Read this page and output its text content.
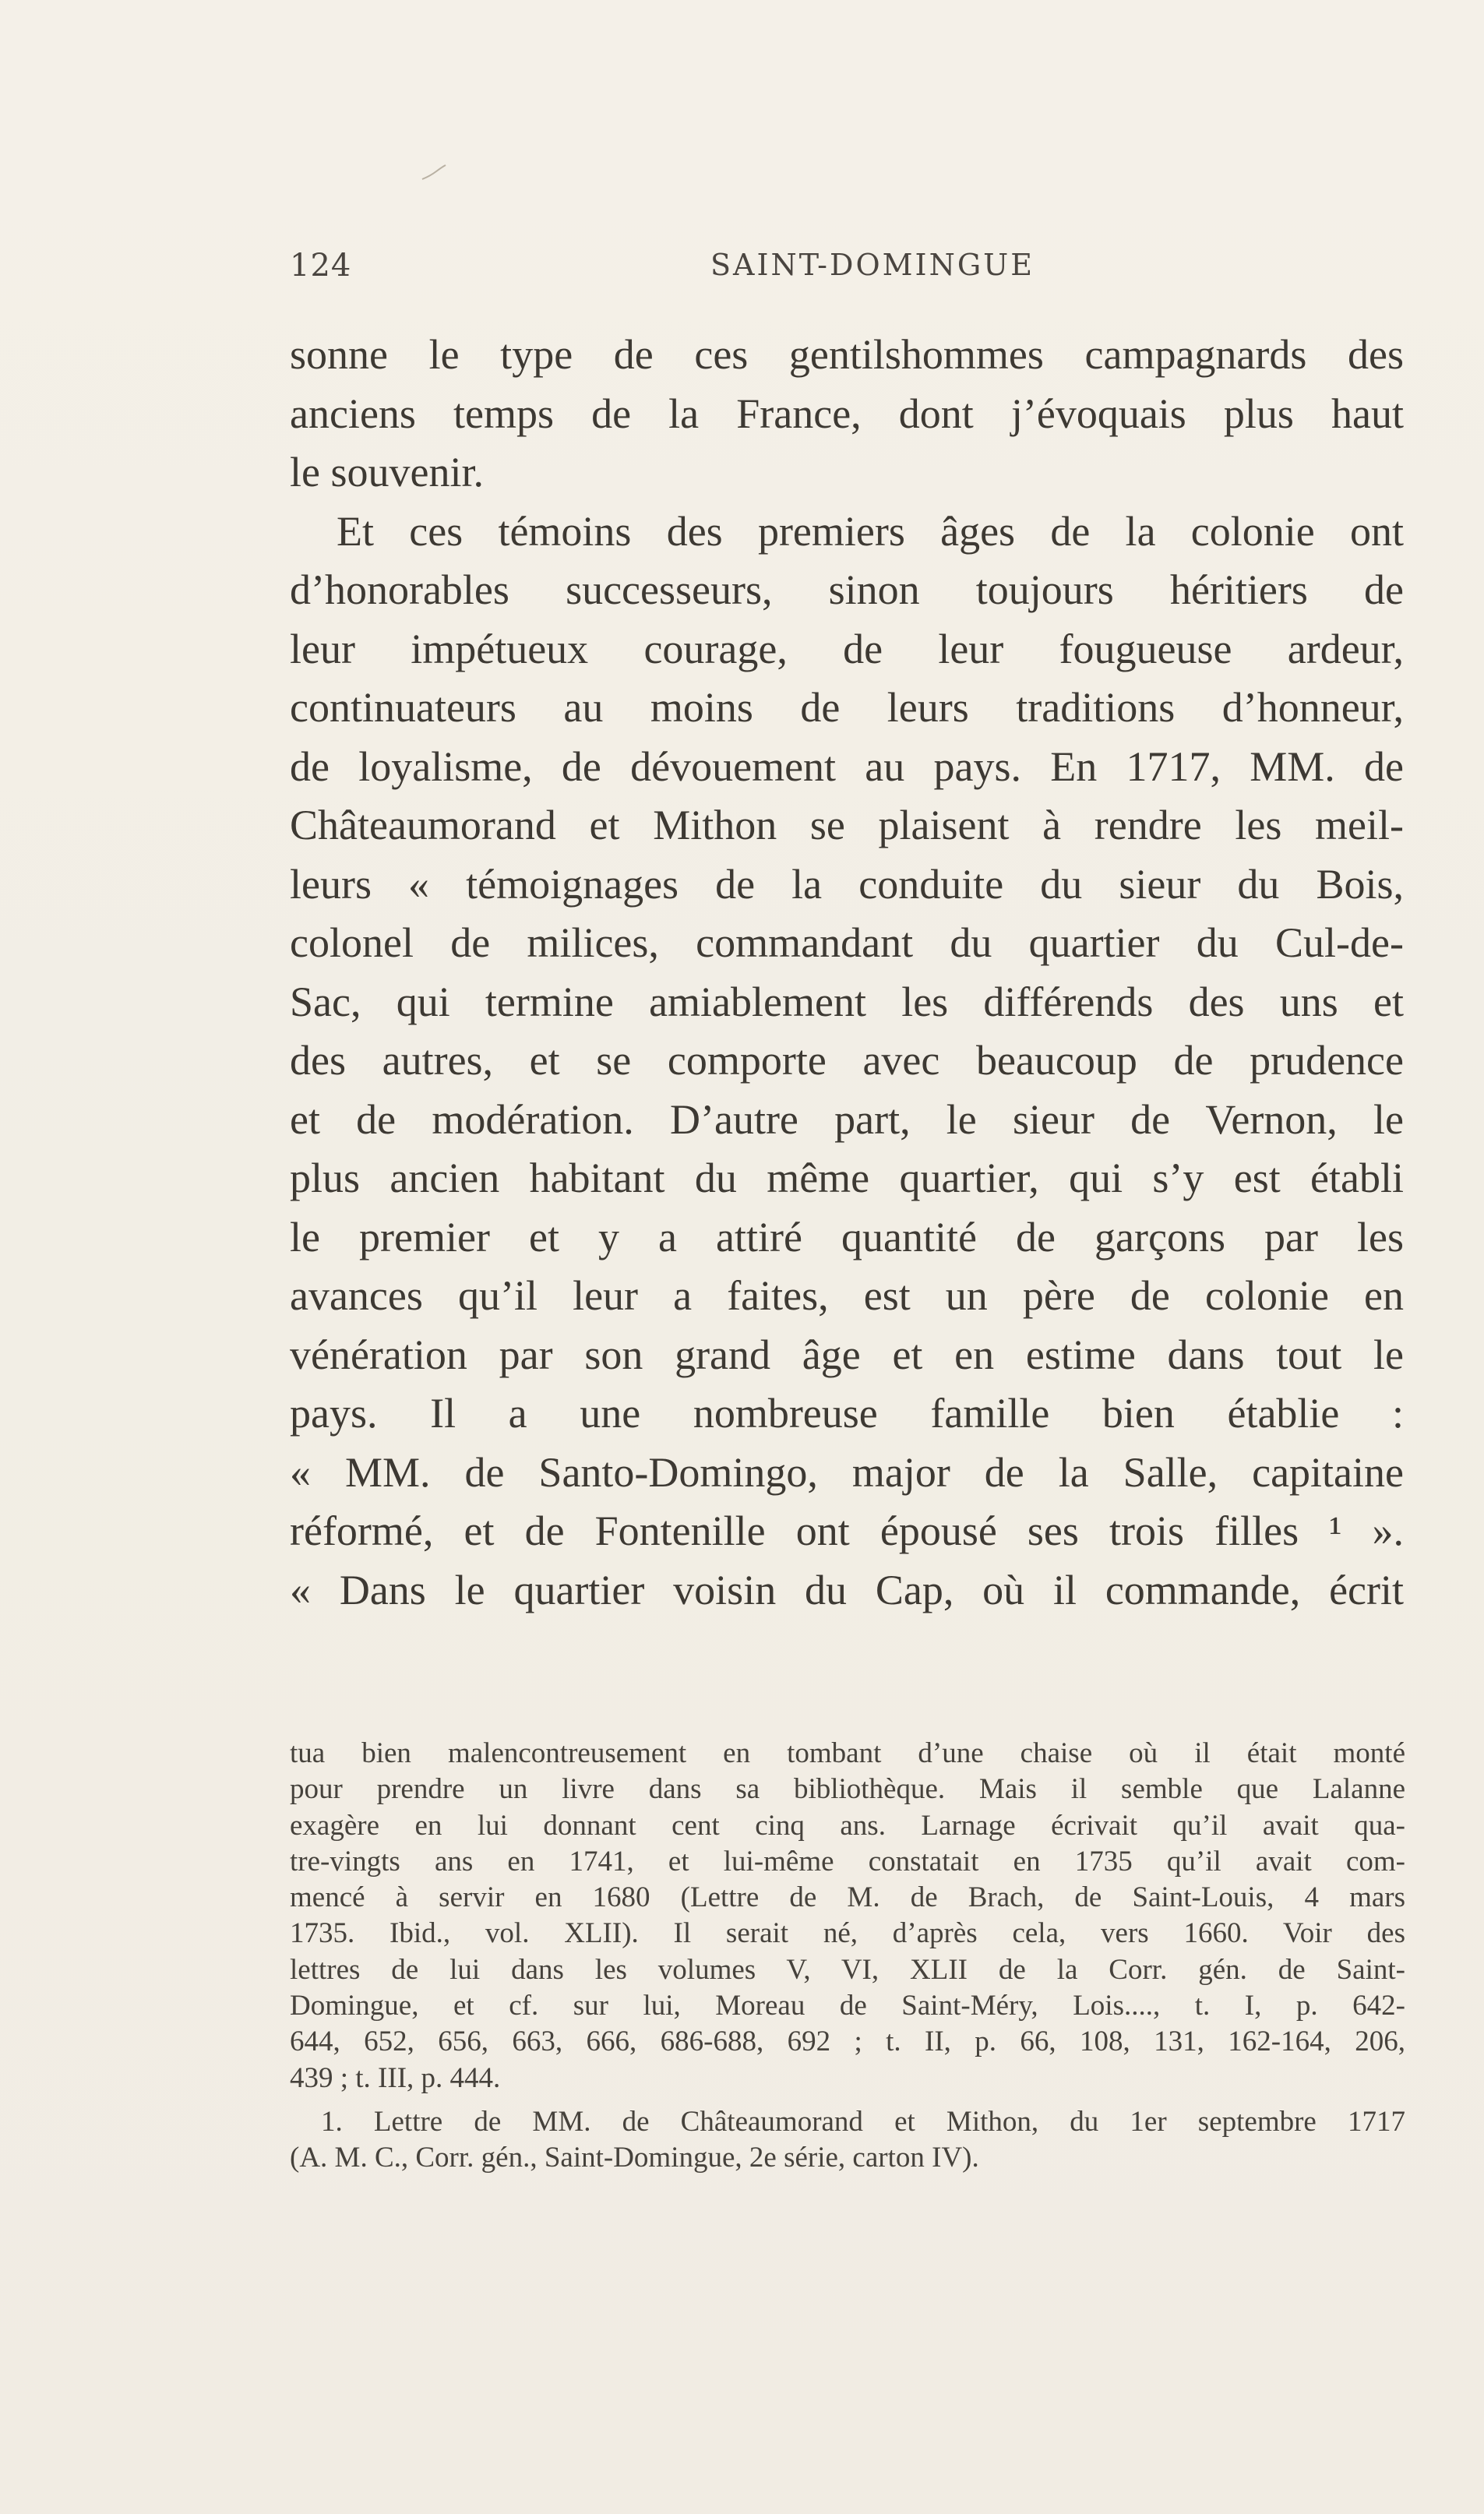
124	SAINT-DOMINGUE
sonne le type de ces gentilshommes campagnards des
anciens temps de la France, dont j’évoquais plus haut
le souvenir.
Et ces témoins des premiers âges de la colonie ont
d’honorables successeurs, sinon toujours héritiers de
leur impétueux courage, de leur fougueuse ardeur,
continuateurs au moins de leurs traditions d’honneur,
de loyalisme, de dévouement au pays. En 1717, MM. de
Châteaumorand et Mithon se plaisent à rendre les meil-
leurs « témoignages de la conduite du sieur du Bois,
colonel de milices, commandant du quartier du Cul-de-
Sac, qui termine amiablement les différends des uns et
des autres, et se comporte avec beaucoup de prudence
et de modération. D’autre part, le sieur de Vernon, le
plus ancien habitant du même quartier, qui s’y est établi
le premier et y a attiré quantité de garçons par les
avances qu’il leur a faites, est un père de colonie en
vénération par son grand âge et en estime dans tout le
pays. Il a une nombreuse famille bien établie :
« MM. de Santo-Domingo, major de la Salle, capitaine
réformé, et de Fontenille ont épousé ses trois filles ¹ ».
« Dans le quartier voisin du Cap, où il commande, écrit
tua bien malencontreusement en tombant d’une chaise où il était monté
pour prendre un livre dans sa bibliothèque. Mais il semble que Lalanne
exagère en lui donnant cent cinq ans. Larnage écrivait qu’il avait qua-
tre-vingts ans en 1741, et lui-même constatait en 1735 qu’il avait com-
mencé à servir en 1680 (Lettre de M. de Brach, de Saint-Louis, 4 mars
1735. Ibid., vol. XLII). Il serait né, d’après cela, vers 1660. Voir des
lettres de lui dans les volumes V, VI, XLII de la Corr. gén. de Saint-
Domingue, et cf. sur lui, Moreau de Saint-Méry, Lois...., t. I, p. 642-
644, 652, 656, 663, 666, 686-688, 692 ; t. II, p. 66, 108, 131, 162-164, 206,
439 ; t. III, p. 444.
1. Lettre de MM. de Châteaumorand et Mithon, du 1er septembre 1717
(A. M. C., Corr. gén., Saint-Domingue, 2e série, carton IV).
